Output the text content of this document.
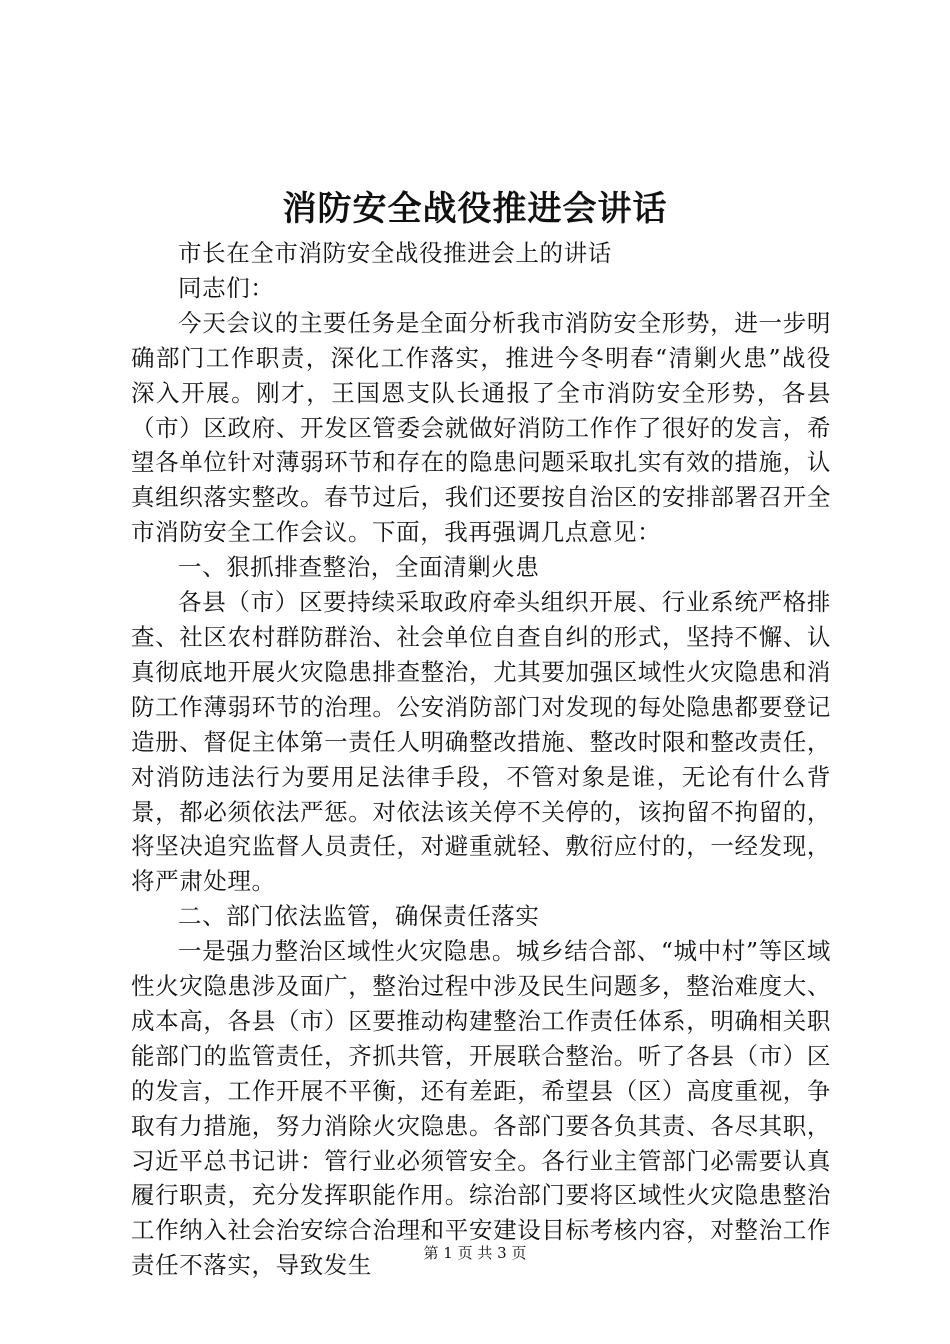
消防安全战役推进会讲话

市长在全市消防安全战役推进会上的讲话

同志们：

今天会议的主要任务是全面分析我市消防安全形势，进一步明确部门工作职责，深化工作落实，推进今冬明春“清剿火患”战役深入开展。刚才，王国恩支队长通报了全市消防安全形势，各县（市）区政府、开发区管委会就做好消防工作作了很好的发言，希望各单位针对薄弱环节和存在的隐患问题采取扎实有效的措施，认真组织落实整改。春节过后，我们还要按自治区的安排部署召开全市消防安全工作会议。下面，我再强调几点意见：

一、狠抓排查整治，全面清剿火患

各县（市）区要持续采取政府牵头组织开展、行业系统严格排查、社区农村群防群治、社会单位自查自纠的形式，坚持不懈、认真彻底地开展火灾隐患排查整治，尤其要加强区域性火灾隐患和消防工作薄弱环节的治理。公安消防部门对发现的每处隐患都要登记造册、督促主体第一责任人明确整改措施、整改时限和整改责任，对消防违法行为要用足法律手段，不管对象是谁，无论有什么背景，都必须依法严惩。对依法该关停不关停的，该拘留不拘留的，将坚决追究监督人员责任，对避重就轻、敷衍应付的，一经发现，将严肃处理。

二、部门依法监管，确保责任落实

一是强力整治区域性火灾隐患。城乡结合部、“城中村”等区域性火灾隐患涉及面广，整治过程中涉及民生问题多，整治难度大、成本高，各县（市）区要推动构建整治工作责任体系，明确相关职能部门的监管责任，齐抓共管，开展联合整治。听了各县（市）区的发言，工作开展不平衡，还有差距，希望县（区）高度重视，争取有力措施，努力消除火灾隐患。各部门要各负其责、各尽其职，习近平总书记讲：管行业必须管安全。各行业主管部门必需要认真履行职责，充分发挥职能作用。综治部门要将区域性火灾隐患整治工作纳入社会治安综合治理和平安建设目标考核内容，对整治工作责任不落实，导致发生	第 1 页 共 3 页
